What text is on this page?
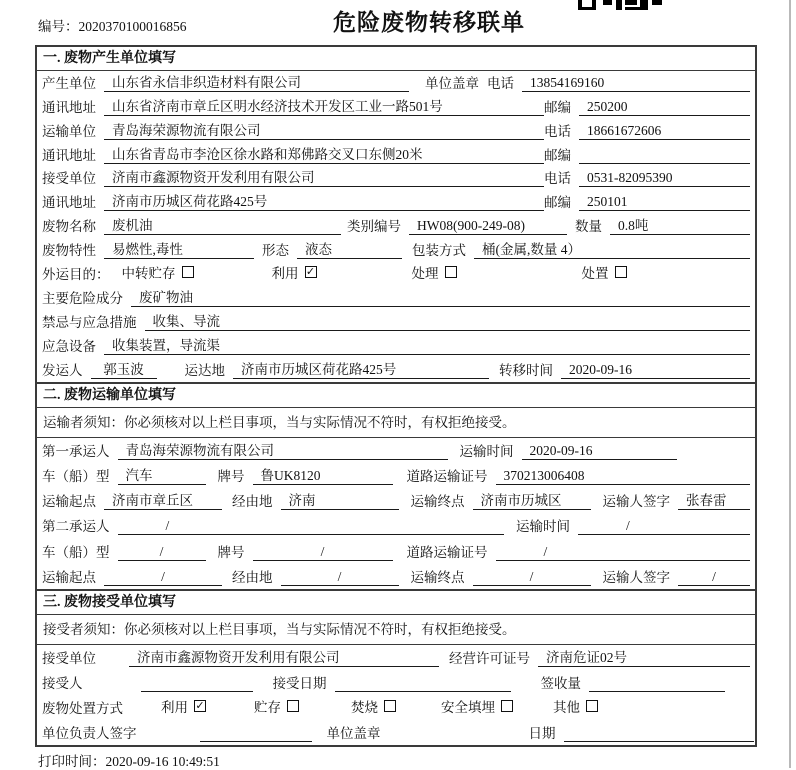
编号：2020370100016856	危险废物转移联单
一. 废物产生单位填写
产生单位	山东省永信非织造材料有限公司	单位盖章 电话	13854169160
通讯地址	山东省济南市章丘区明水经济技术开发区工业一路501号	邮编	250200
运输单位	青岛海荣源物流有限公司	电话	18661672606
通讯地址	山东省青岛市李沧区徐水路和郑佛路交叉口东侧20米	邮编
接受单位	济南市鑫源物资开发利用有限公司	电话	0531-82095390
通讯地址	济南市历城区荷花路425号	邮编	250101
废物名称	废机油	类别编号	HW08(900-249-08)	数量	0.8吨
废物特性	易燃性,毒性	形态	液态	包装方式	桶(金属,数量 4）
外运目的： 中转贮存	利用 ✓	处理	处置
主要危险成分	废矿物油
禁忌与应急措施	收集、导流
应急设备	收集装置，导流渠
发运人	郭玉波	运达地	济南市历城区荷花路425号	转移时间	2020-09-16
二. 废物运输单位填写
运输者须知：你必须核对以上栏目事项，当与实际情况不符时，有权拒绝接受。
第一承运人	青岛海荣源物流有限公司	运输时间	2020-09-16
车（船）型	汽车	牌号	鲁UK8120	道路运输证号	370213006408
运输起点	济南市章丘区	经由地	济南	运输终点	济南市历城区	运输人签字	张春雷
第二承运人	/	运输时间	/
车（船）型	/	牌号	/	道路运输证号	/
运输起点	/	经由地	/	运输终点	/	运输人签字	/
三. 废物接受单位填写
接受者须知：你必须核对以上栏目事项，当与实际情况不符时，有权拒绝接受。
接受单位	济南市鑫源物资开发利用有限公司	经营许可证号	济南危证02号
接受人	接受日期	签收量
废物处置方式	利用 ✓	贮存	焚烧	安全填埋	其他
单位负责人签字	单位盖章	日期
打印时间：2020-09-16 10:49:51
